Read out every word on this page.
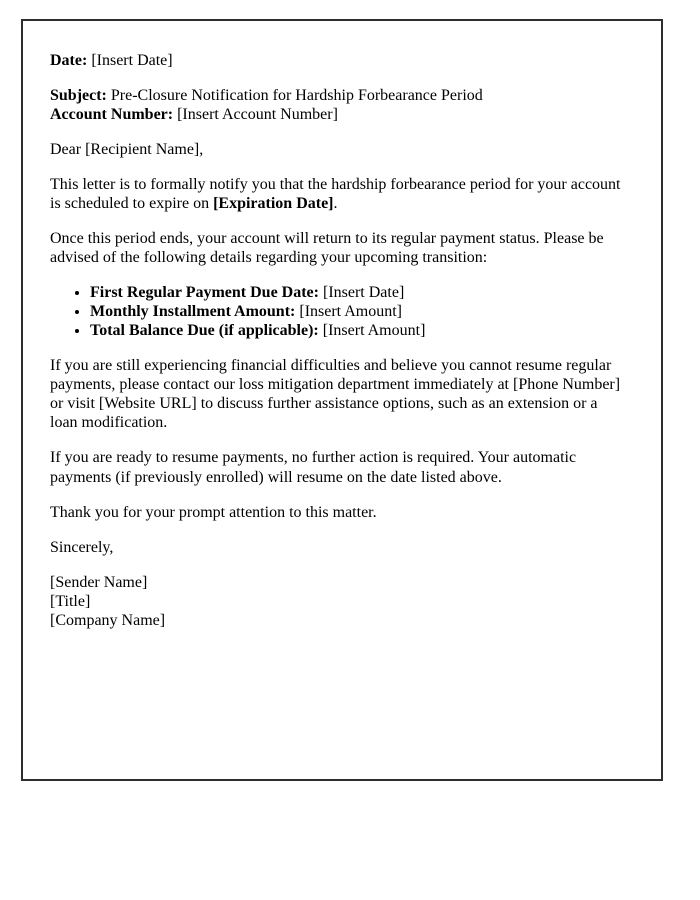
Date: [Insert Date]

Subject: Pre-Closure Notification for Hardship Forbearance Period
Account Number: [Insert Account Number]

Dear [Recipient Name],

This letter is to formally notify you that the hardship forbearance period for your account is scheduled to expire on [Expiration Date].

Once this period ends, your account will return to its regular payment status. Please be advised of the following details regarding your upcoming transition:

• First Regular Payment Due Date: [Insert Date]
• Monthly Installment Amount: [Insert Amount]
• Total Balance Due (if applicable): [Insert Amount]

If you are still experiencing financial difficulties and believe you cannot resume regular payments, please contact our loss mitigation department immediately at [Phone Number] or visit [Website URL] to discuss further assistance options, such as an extension or a loan modification.

If you are ready to resume payments, no further action is required. Your automatic payments (if previously enrolled) will resume on the date listed above.

Thank you for your prompt attention to this matter.

Sincerely,

[Sender Name]
[Title]
[Company Name]
